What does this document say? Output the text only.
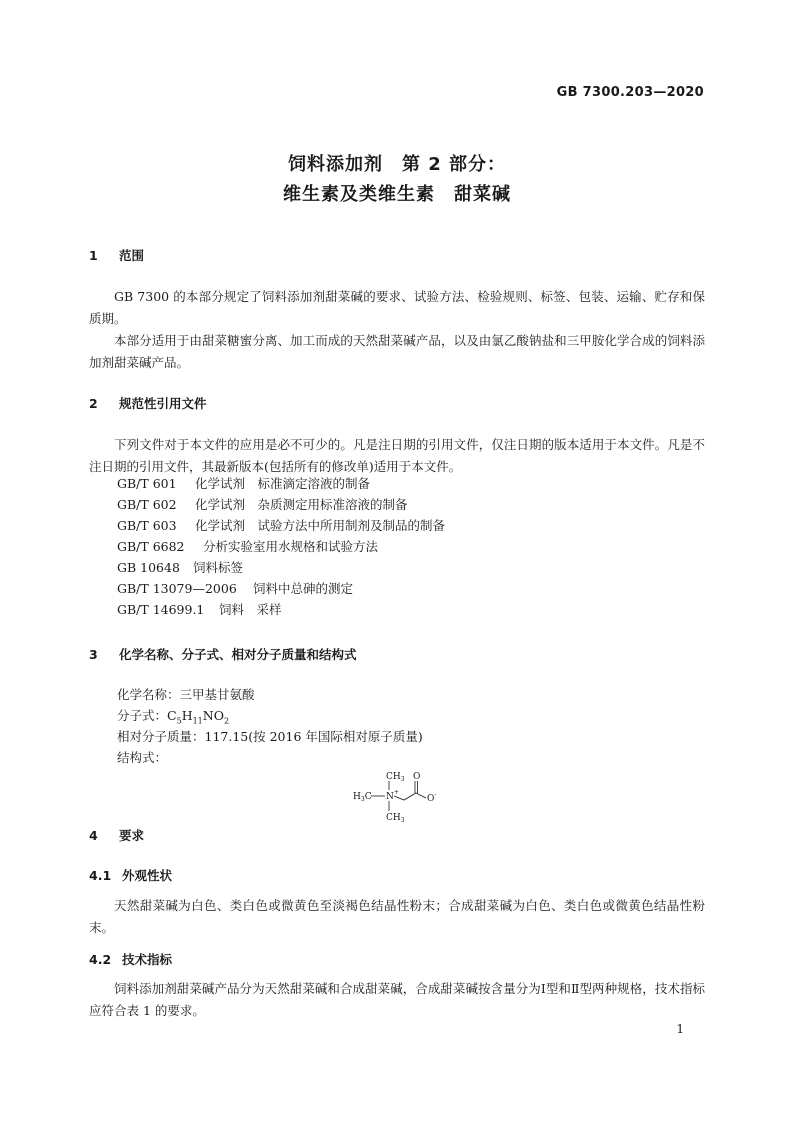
GB 7300.203—2020
饲料添加剂　第 2 部分：
维生素及类维生素　甜菜碱
1 范围
GB 7300 的本部分规定了饲料添加剂甜菜碱的要求、试验方法、检验规则、标签、包装、运输、贮存和保质期。
本部分适用于由甜菜糖蜜分离、加工而成的天然甜菜碱产品，以及由氯乙酸钠盐和三甲胺化学合成的饲料添加剂甜菜碱产品。
2 规范性引用文件
下列文件对于本文件的应用是必不可少的。凡是注日期的引用文件，仅注日期的版本适用于本文件。凡是不注日期的引用文件，其最新版本(包括所有的修改单)适用于本文件。
GB/T 601 化学试剂　标准滴定溶液的制备
GB/T 602 化学试剂　杂质测定用标准溶液的制备
GB/T 603 化学试剂　试验方法中所用制剂及制品的制备
GB/T 6682 分析实验室用水规格和试验方法
GB 10648 饲料标签
GB/T 13079—2006 饲料中总砷的测定
GB/T 14699.1 饲料　采样
3 化学名称、分子式、相对分子质量和结构式
化学名称：三甲基甘氨酸
分子式：$C_5H_{11}NO_2$
相对分子质量：117.15(按 2016 年国际相对原子质量)
结构式：
$CH_3$
$H_3C$ N+
O
O-
$CH_3$
4 要求
4.1 外观性状
天然甜菜碱为白色、类白色或微黄色至淡褐色结晶性粉末；合成甜菜碱为白色、类白色或微黄色结晶性粉末。
4.2 技术指标
饲料添加剂甜菜碱产品分为天然甜菜碱和合成甜菜碱，合成甜菜碱按含量分为Ⅰ型和Ⅱ型两种规格，技术指标应符合表 1 的要求。
1
